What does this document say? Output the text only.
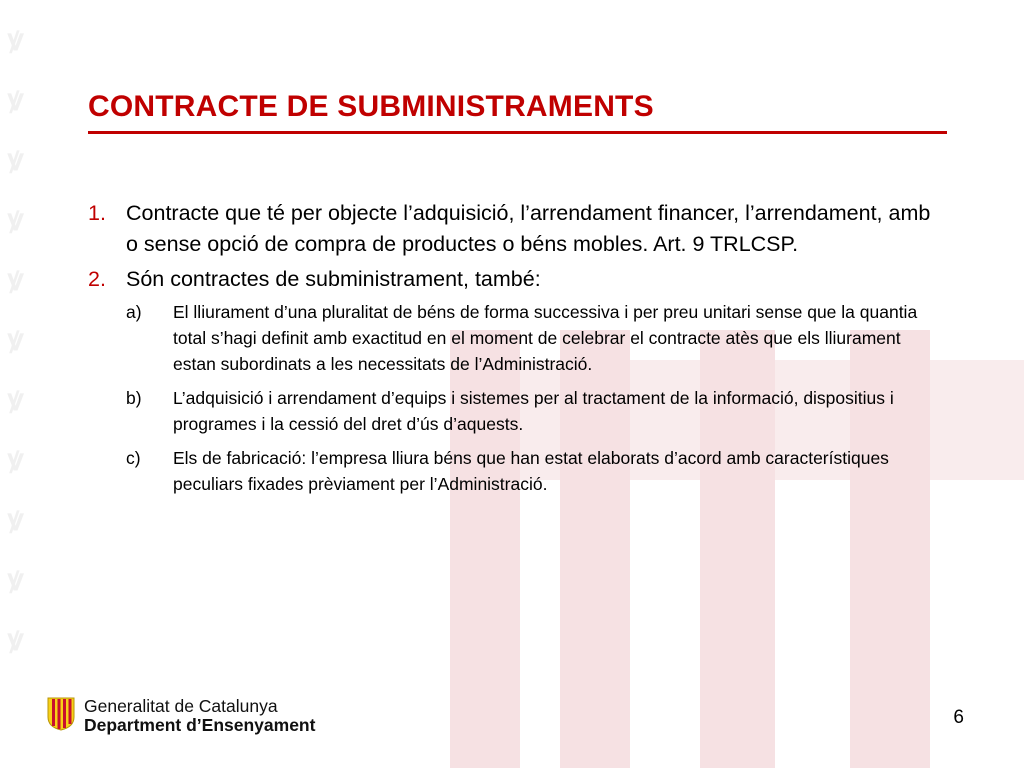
ꝟ
ꝟ
ꝟ
ꝟ
ꝟ
ꝟ
ꝟ
ꝟ
ꝟ
ꝟ
ꝟ

CONTRACTE DE SUBMINISTRAMENTS
1. Contracte que té per objecte l’adquisició, l’arrendament financer, l’arrendament, amb o sense opció de compra de productes o béns mobles. Art. 9 TRLCSP.
2. Són contractes de subministrament, també:
a)	El lliurament d’una pluralitat de béns de forma successiva i per preu unitari sense que la quantia total s’hagi definit amb exactitud en el moment de celebrar el contracte atès que els lliurament estan subordinats a les necessitats de l’Administració.
b)	L’adquisició i arrendament d’equips i sistemes per al tractament de la informació, dispositius i programes i la cessió del dret d’ús d’aquests.
c)	Els de fabricació: l’empresa lliura béns que han estat elaborats d’acord amb característiques peculiars fixades prèviament per l’Administració.
Generalitat de Catalunya
Department d’Ensenyament	6
